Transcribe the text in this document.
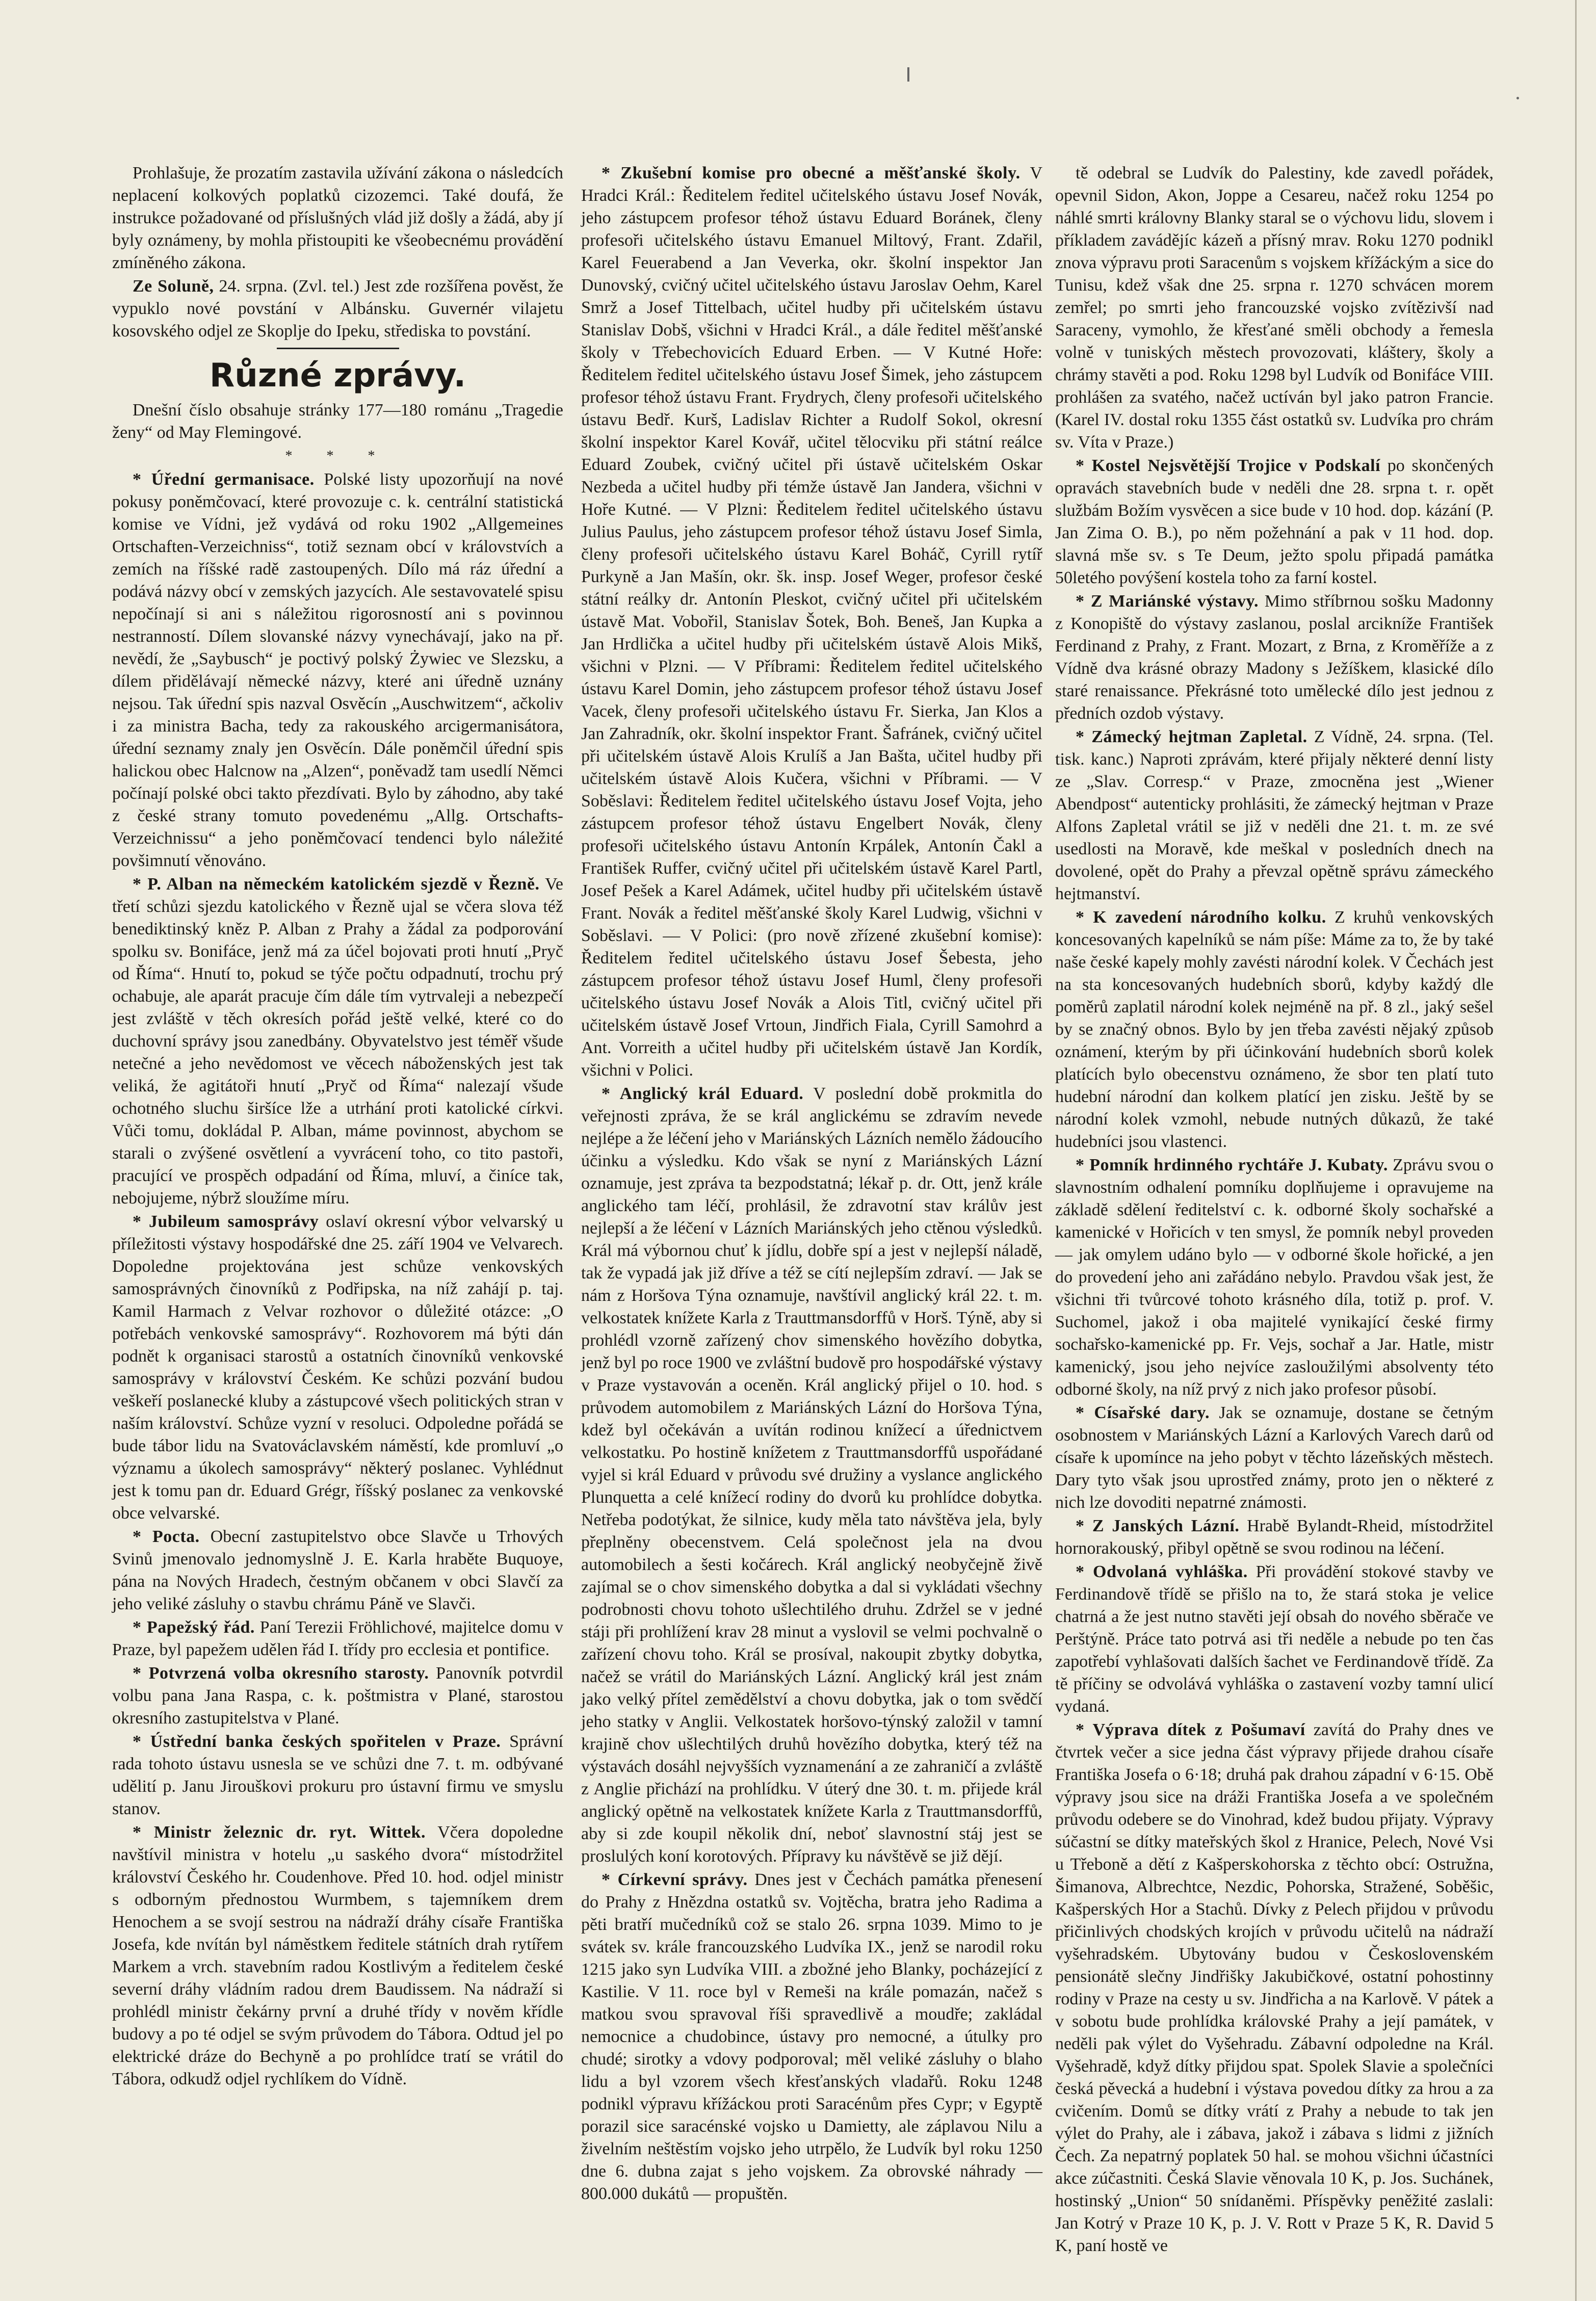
Prohlašuje, že prozatím zastavila užívání zákona o následcích neplacení kolkových poplatků cizozemci. Také doufá, že instrukce požadované od příslušných vlád již došly a žádá, aby jí byly oznámeny, by mohla přistoupiti ke všeobecnému provádění zmíněného zákona.

Ze Soluně, 24. srpna. (Zvl. tel.) Jest zde rozšířena pověst, že vypuklo nové povstání v Albánsku. Guvernér vilajetu kosovského odjel ze Skoplje do Ipeku, střediska to povstání.

Různé zprávy.

Dnešní číslo obsahuje stránky 177—180 románu „Tragedie ženy“ od May Flemingové.

* * *

* Úřední germanisace. Polské listy upozorňují na nové pokusy poněmčovací, které provozuje c. k. centrální statistická komise ve Vídni, jež vydává od roku 1902 „Allgemeines Ortschaften-Verzeichniss“, totiž seznam obcí v královstvích a zemích na říšské radě zastoupených. Dílo má ráz úřední a podává názvy obcí v zemských jazycích. Ale sestavovatelé spisu nepočínají si ani s náležitou rigorosností ani s povinnou nestranností. Dílem slovanské názvy vynechávají, jako na př. nevědí, že „Saybusch“ je poctivý polský Żywiec ve Slezsku, a dílem přidělávají německé názvy, které ani úředně uznány nejsou. Tak úřední spis nazval Osvěcín „Auschwitzem“, ačkoliv i za ministra Bacha, tedy za rakouského arcigermanisátora, úřední seznamy znaly jen Osvěcín. Dále poněmčil úřední spis halickou obec Halcnow na „Alzen“, poněvadž tam usedlí Němci počínají polské obci takto přezdívati. Bylo by záhodno, aby také z české strany tomuto povedenému „Allg. Ortschafts-Verzeichnissu“ a jeho poněmčovací tendenci bylo náležité povšimnutí věnováno.

* P. Alban na německém katolickém sjezdě v Řezně. Ve třetí schůzi sjezdu katolického v Řezně ujal se včera slova též benediktinský kněz P. Alban z Prahy a žádal za podporování spolku sv. Bonifáce, jenž má za účel bojovati proti hnutí „Pryč od Říma“. Hnutí to, pokud se týče počtu odpadnutí, trochu prý ochabuje, ale aparát pracuje čím dále tím vytrvaleji a nebezpečí jest zvláště v těch okresích pořád ještě velké, které co do duchovní správy jsou zanedbány. Obyvatelstvo jest téměř všude netečné a jeho nevědomost ve věcech náboženských jest tak veliká, že agitátoři hnutí „Pryč od Říma“ nalezají všude ochotného sluchu širšíce lže a utrhání proti katolické církvi. Vůči tomu, dokládal P. Alban, máme povinnost, abychom se starali o zvýšené osvětlení a vyvrácení toho, co tito pastoři, pracující ve prospěch odpadání od Říma, mluví, a činíce tak, nebojujeme, nýbrž sloužíme míru.

* Jubileum samosprávy oslaví okresní výbor velvarský u příležitosti výstavy hospodářské dne 25. září 1904 ve Velvarech. Dopoledne projektována jest schůze venkovských samosprávných činovníků z Podřipska, na níž zahájí p. taj. Kamil Harmach z Velvar rozhovor o důležité otázce: „O potřebách venkovské samosprávy“. Rozhovorem má býti dán podnět k organisaci starostů a ostatních činovníků venkovské samosprávy v království Českém. Ke schůzi pozvání budou veškeří poslanecké kluby a zástupcové všech politických stran v naším království. Schůze vyzní v resoluci. Odpoledne pořádá se bude tábor lidu na Svatováclavském náměstí, kde promluví „o významu a úkolech samosprávy“ některý poslanec. Vyhlédnut jest k tomu pan dr. Eduard Grégr, říšský poslanec za venkovské obce velvarské.

* Pocta. Obecní zastupitelstvo obce Slavče u Trhových Svinů jmenovalo jednomyslně J. E. Karla hraběte Buquoye, pána na Nových Hradech, čestným občanem v obci Slavčí za jeho veliké zásluhy o stavbu chrámu Páně ve Slavči.

* Papežský řád. Paní Terezii Fröhlichové, majitelce domu v Praze, byl papežem udělen řád I. třídy pro ecclesia et pontifice.

* Potvrzená volba okresního starosty. Panovník potvrdil volbu pana Jana Raspa, c. k. poštmistra v Plané, starostou okresního zastupitelstva v Plané.

* Ústřední banka českých spořitelen v Praze. Správní rada tohoto ústavu usnesla se ve schůzi dne 7. t. m. odbývané udělití p. Janu Jirouškovi prokuru pro ústavní firmu ve smyslu stanov.

* Ministr železnic dr. ryt. Wittek. Včera dopoledne navštívil ministra v hotelu „u saského dvora“ místodržitel království Českého hr. Coudenhove. Před 10. hod. odjel ministr s odborným přednostou Wurmbem, s tajemníkem drem Henochem a se svojí sestrou na nádraží dráhy císaře Františka Josefa, kde nvítán byl náměstkem ředitele státních drah rytířem Markem a vrch. stavebním radou Kostlivým a ředitelem české severní dráhy vládním radou drem Baudissem. Na nádraží si prohlédl ministr čekárny první a druhé třídy v nověm křídle budovy a po té odjel se svým průvodem do Tábora. Odtud jel po elektrické dráze do Bechyně a po prohlídce tratí se vrátil do Tábora, odkudž odjel rychlíkem do Vídně.

* Zkušební komise pro obecné a měšťanské školy. V Hradci Král.: Ředitelem ředitel učitelského ústavu Josef Novák, jeho zástupcem profesor téhož ústavu Eduard Boránek, členy profesoři učitelského ústavu Emanuel Miltový, Frant. Zdařil, Karel Feuerabend a Jan Veverka, okr. školní inspektor Jan Dunovský, cvičný učitel učitelského ústavu Jaroslav Oehm, Karel Smrž a Josef Tittelbach, učitel hudby při učitelském ústavu Stanislav Dobš, všichni v Hradci Král., a dále ředitel měšťanské školy v Třebechovicích Eduard Erben. — V Kutné Hoře: Ředitelem ředitel učitelského ústavu Josef Šimek, jeho zástupcem profesor téhož ústavu Frant. Frydrych, členy profesoři učitelského ústavu Bedř. Kurš, Ladislav Richter a Rudolf Sokol, okresní školní inspektor Karel Kovář, učitel tělocviku při státní reálce Eduard Zoubek, cvičný učitel při ústavě učitelském Oskar Nezbeda a učitel hudby při témže ústavě Jan Jandera, všichni v Hoře Kutné. — V Plzni: Ředitelem ředitel učitelského ústavu Julius Paulus, jeho zástupcem profesor téhož ústavu Josef Simla, členy profesoři učitelského ústavu Karel Boháč, Cyrill rytíř Purkyně a Jan Mašín, okr. šk. insp. Josef Weger, profesor české státní reálky dr. Antonín Pleskot, cvičný učitel při učitelském ústavě Mat. Vobořil, Stanislav Šotek, Boh. Beneš, Jan Kupka a Jan Hrdlička a učitel hudby při učitelském ústavě Alois Mikš, všichni v Plzni. — V Příbrami: Ředitelem ředitel učitelského ústavu Karel Domin, jeho zástupcem profesor téhož ústavu Josef Vacek, členy profesoři učitelského ústavu Fr. Sierka, Jan Klos a Jan Zahradník, okr. školní inspektor Frant. Šafránek, cvičný učitel při učitelském ústavě Alois Krulíš a Jan Bašta, učitel hudby při učitelském ústavě Alois Kučera, všichni v Příbrami. — V Soběslavi: Ředitelem ředitel učitelského ústavu Josef Vojta, jeho zástupcem profesor téhož ústavu Engelbert Novák, členy profesoři učitelského ústavu Antonín Krpálek, Antonín Čakl a František Ruffer, cvičný učitel při učitelském ústavě Karel Partl, Josef Pešek a Karel Adámek, učitel hudby při učitelském ústavě Frant. Novák a ředitel měšťanské školy Karel Ludwig, všichni v Soběslavi. — V Polici: (pro nově zřízené zkušební komise): Ředitelem ředitel učitelského ústavu Josef Šebesta, jeho zástupcem profesor téhož ústavu Josef Huml, členy profesoři učitelského ústavu Josef Novák a Alois Titl, cvičný učitel při učitelském ústavě Josef Vrtoun, Jindřich Fiala, Cyrill Samohrd a Ant. Vorreith a učitel hudby při učitelském ústavě Jan Kordík, všichni v Polici.

* Anglický král Eduard. V poslední době prokmitla do veřejnosti zpráva, že se král anglickému se zdravím nevede nejlépe a že léčení jeho v Mariánských Lázních nemělo žádoucího účinku a výsledku. Kdo však se nyní z Mariánských Lázní oznamuje, jest zpráva ta bezpodstatná; lékař p. dr. Ott, jenž krále anglického tam léčí, prohlásil, že zdravotní stav králův jest nejlepší a že léčení v Lázních Mariánských jeho ctěnou výsledků. Král má výbornou chuť k jídlu, dobře spí a jest v nejlepší náladě, tak že vypadá jak již dříve a též se cítí nejlepším zdraví. — Jak se nám z Horšova Týna oznamuje, navštívil anglický král 22. t. m. velkostatek knížete Karla z Trauttmansdorffů v Horš. Týně, aby si prohlédl vzorně zařízený chov simenského hovězího dobytka, jenž byl po roce 1900 ve zvláštní budově pro hospodářské výstavy v Praze vystavován a oceněn. Král anglický přijel o 10. hod. s průvodem automobilem z Mariánských Lázní do Horšova Týna, kdež byl očekáván a uvítán rodinou knížecí a úřednictvem velkostatku. Po hostině knížetem z Trauttmansdorffů uspořádané vyjel si král Eduard v průvodu své družiny a vyslance anglického Plunquetta a celé knížecí rodiny do dvorů ku prohlídce dobytka. Netřeba podotýkat, že silnice, kudy měla tato návštěva jela, byly přeplněny obecenstvem. Celá společnost jela na dvou automobilech a šesti kočárech. Král anglický neobyčejně živě zajímal se o chov simenského dobytka a dal si vykládati všechny podrobnosti chovu tohoto ušlechtilého druhu. Zdržel se v jedné stáji při prohlížení krav 28 minut a vyslovil se velmi pochvalně o zařízení chovu toho. Král se prosíval, nakoupit zbytky dobytka, načež se vrátil do Mariánských Lázní. Anglický král jest znám jako velký přítel zemědělství a chovu dobytka, jak o tom svědčí jeho statky v Anglii. Velkostatek horšovo-týnský založil v tamní krajině chov ušlechtilých druhů hovězího dobytka, který též na výstavách dosáhl nejvyšších vyznamenání a ze zahraničí a zvláště z Anglie přichází na prohlídku. V úterý dne 30. t. m. přijede král anglický opětně na velkostatek knížete Karla z Trauttmansdorffů, aby si zde koupil několik dní, neboť slavnostní stáj jest se proslulých koní korotových. Přípravy ku návštěvě se již dějí.

* Církevní správy. Dnes jest v Čechách památka přenesení do Prahy z Hnězdna ostatků sv. Vojtěcha, bratra jeho Radima a pěti bratří mučedníků což se stalo 26. srpna 1039. Mimo to je svátek sv. krále francouzského Ludvíka IX., jenž se narodil roku 1215 jako syn Ludvíka VIII. a zbožné jeho Blanky, pocházející z Kastilie. V 11. roce byl v Remeši na krále pomazán, načež s matkou svou spravoval říši spravedlivě a moudře; zakládal nemocnice a chudobince, ústavy pro nemocné, a útulky pro chudé; sirotky a vdovy podporoval; měl veliké zásluhy o blaho lidu a byl vzorem všech křesťanských vladařů. Roku 1248 podnikl výpravu křížáckou proti Saracénům přes Cypr; v Egyptě porazil sice saracénské vojsko u Damietty, ale záplavou Nilu a živelním neštěstím vojsko jeho utrpělo, že Ludvík byl roku 1250 dne 6. dubna zajat s jeho vojskem. Za obrovské náhrady — 800.000 dukátů — propuštěn.

tě odebral se Ludvík do Palestiny, kde zavedl pořádek, opevnil Sidon, Akon, Joppe a Cesareu, načež roku 1254 po náhlé smrti královny Blanky staral se o výchovu lidu, slovem i příkladem zavádějíc kázeň a přísný mrav. Roku 1270 podnikl znova výpravu proti Saracenům s vojskem křížáckým a sice do Tunisu, kdež však dne 25. srpna r. 1270 schvácen morem zemřel; po smrti jeho francouzské vojsko zvítězivší nad Saraceny, vymohlo, že křesťané směli obchody a řemesla volně v tuniských městech provozovati, kláštery, školy a chrámy stavěti a pod. Roku 1298 byl Ludvík od Bonifáce VIII. prohlášen za svatého, načež uctíván byl jako patron Francie. (Karel IV. dostal roku 1355 část ostatků sv. Ludvíka pro chrám sv. Víta v Praze.)

* Kostel Nejsvětější Trojice v Podskalí po skončených opravách stavebních bude v neděli dne 28. srpna t. r. opět službám Božím vysvěcen a sice bude v 10 hod. dop. kázání (P. Jan Zima O. B.), po něm požehnání a pak v 11 hod. dop. slavná mše sv. s Te Deum, ježto spolu připadá památka 50letého povýšení kostela toho za farní kostel.

* Z Mariánské výstavy. Mimo stříbrnou sošku Madonny z Konopiště do výstavy zaslanou, poslal arcikníže František Ferdinand z Prahy, z Frant. Mozart, z Brna, z Kroměříže a z Vídně dva krásné obrazy Madony s Ježíškem, klasické dílo staré renaissance. Překrásné toto umělecké dílo jest jednou z předních ozdob výstavy.

* Zámecký hejtman Zapletal. Z Vídně, 24. srpna. (Tel. tisk. kanc.) Naproti zprávám, které přijaly některé denní listy ze „Slav. Corresp.“ v Praze, zmocněna jest „Wiener Abendpost“ autenticky prohlásiti, že zámecký hejtman v Praze Alfons Zapletal vrátil se již v neděli dne 21. t. m. ze své usedlosti na Moravě, kde meškal v posledních dnech na dovolené, opět do Prahy a převzal opětně správu zámeckého hejtmanství.

* K zavedení národního kolku. Z kruhů venkovských koncesovaných kapelníků se nám píše: Máme za to, že by také naše české kapely mohly zavésti národní kolek. V Čechách jest na sta koncesovaných hudebních sborů, kdyby každý dle poměrů zaplatil národní kolek nejméně na př. 8 zl., jaký sešel by se značný obnos. Bylo by jen třeba zavésti nějaký způsob oznámení, kterým by při účinkování hudebních sborů kolek platících bylo obecenstvu oznámeno, že sbor ten platí tuto hudební národní dan kolkem platící jen zisku. Ještě by se národní kolek vzmohl, nebude nutných důkazů, že také hudebníci jsou vlastenci.

* Pomník hrdinného rychtáře J. Kubaty. Zprávu svou o slavnostním odhalení pomníku doplňujeme i opravujeme na základě sdělení ředitelství c. k. odborné školy sochařské a kamenické v Hořicích v ten smysl, že pomník nebyl proveden — jak omylem udáno bylo — v odborné škole hořické, a jen do provedení jeho ani zařádáno nebylo. Pravdou však jest, že všichni tři tvůrcové tohoto krásného díla, totiž p. prof. V. Suchomel, jakož i oba majitelé vynikající české firmy sochařsko-kamenické pp. Fr. Vejs, sochař a Jar. Hatle, mistr kamenický, jsou jeho nejvíce zasloužilými absolventy této odborné školy, na níž prvý z nich jako profesor působí.

* Císařské dary. Jak se oznamuje, dostane se četným osobnostem v Mariánských Lázní a Karlových Varech darů od císaře k upomínce na jeho pobyt v těchto lázeňských městech. Dary tyto však jsou uprostřed známy, proto jen o některé z nich lze dovoditi nepatrné známosti.

* Z Janských Lázní. Hrabě Bylandt-Rheid, místodržitel hornorakouský, přibyl opětně se svou rodinou na léčení.

* Odvolaná vyhláška. Při provádění stokové stavby ve Ferdinandově třídě se přišlo na to, že stará stoka je velice chatrná a že jest nutno stavěti její obsah do nového sběrače ve Perštýně. Práce tato potrvá asi tři neděle a nebude po ten čas zapotřebí vyhlašovati dalších šachet ve Ferdinandově třídě. Za tě příčiny se odvolává vyhláška o zastavení vozby tamní ulicí vydaná.

* Výprava dítek z Pošumaví zavítá do Prahy dnes ve čtvrtek večer a sice jedna část výpravy přijede drahou císaře Františka Josefa o 6·18; druhá pak drahou západní v 6·15. Obě výpravy jsou sice na dráži Františka Josefa a ve společném průvodu odebere se do Vinohrad, kdež budou přijaty. Výpravy súčastní se dítky mateřských škol z Hranice, Pelech, Nové Vsi u Třeboně a dětí z Kašperskohorska z těchto obcí: Ostružna, Šimanova, Albrechtce, Nezdic, Pohorska, Stražené, Soběšic, Kašperských Hor a Stachů. Dívky z Pelech přijdou v průvodu přičinlivých chodských krojích v průvodu učitelů na nádraží vyšehradském. Ubytovány budou v Československém pensionátě slečny Jindřišky Jakubičkové, ostatní pohostinny rodiny v Praze na cesty u sv. Jindřicha a na Karlově. V pátek a v sobotu bude prohlídka královské Prahy a její památek, v neděli pak výlet do Vyšehradu. Zábavní odpoledne na Král. Vyšehradě, když dítky přijdou spat. Spolek Slavie a společníci česká pěvecká a hudební i výstava povedou dítky za hrou a za cvičením. Domů se dítky vrátí z Prahy a nebude to tak jen výlet do Prahy, ale i zábava, jakož i zábava s lidmi z jižních Čech. Za nepatrný poplatek 50 hal. se mohou všichni účastníci akce zúčastniti. Česká Slavie věnovala 10 K, p. Jos. Suchánek, hostinský „Union“ 50 snídaněmi. Příspěvky peněžité zaslali: Jan Kotrý v Praze 10 K, p. J. V. Rott v Praze 5 K, R. David 5 K, paní hostě ve
